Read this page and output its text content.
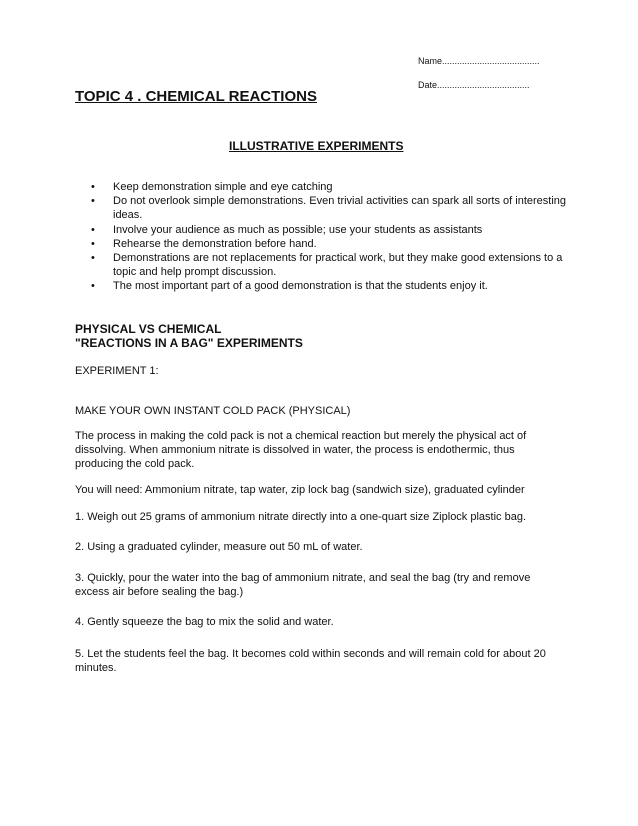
Name.......................................
Date.....................................
TOPIC 4 . CHEMICAL REACTIONS
ILLUSTRATIVE EXPERIMENTS
• Keep demonstration simple and eye catching
• Do not overlook simple demonstrations. Even trivial activities can spark all sorts of interesting ideas.
• Involve your audience as much as possible; use your students as assistants
• Rehearse the demonstration before hand.
• Demonstrations are not replacements for practical work, but they make good extensions to a topic and help prompt discussion.
• The most important part of a good demonstration is that the students enjoy it.
PHYSICAL VS CHEMICAL
"REACTIONS IN A BAG" EXPERIMENTS
EXPERIMENT 1:
MAKE YOUR OWN INSTANT COLD PACK (PHYSICAL)
The process in making the cold pack is not a chemical reaction but merely the physical act of dissolving. When ammonium nitrate is dissolved in water, the process is endothermic, thus producing the cold pack.
You will need: Ammonium nitrate, tap water, zip lock bag (sandwich size), graduated cylinder
1. Weigh out 25 grams of ammonium nitrate directly into a one-quart size Ziplock plastic bag.
2. Using a graduated cylinder, measure out 50 mL of water.
3. Quickly, pour the water into the bag of ammonium nitrate, and seal the bag (try and remove excess air before sealing the bag.)
4. Gently squeeze the bag to mix the solid and water.
5. Let the students feel the bag. It becomes cold within seconds and will remain cold for about 20 minutes.
